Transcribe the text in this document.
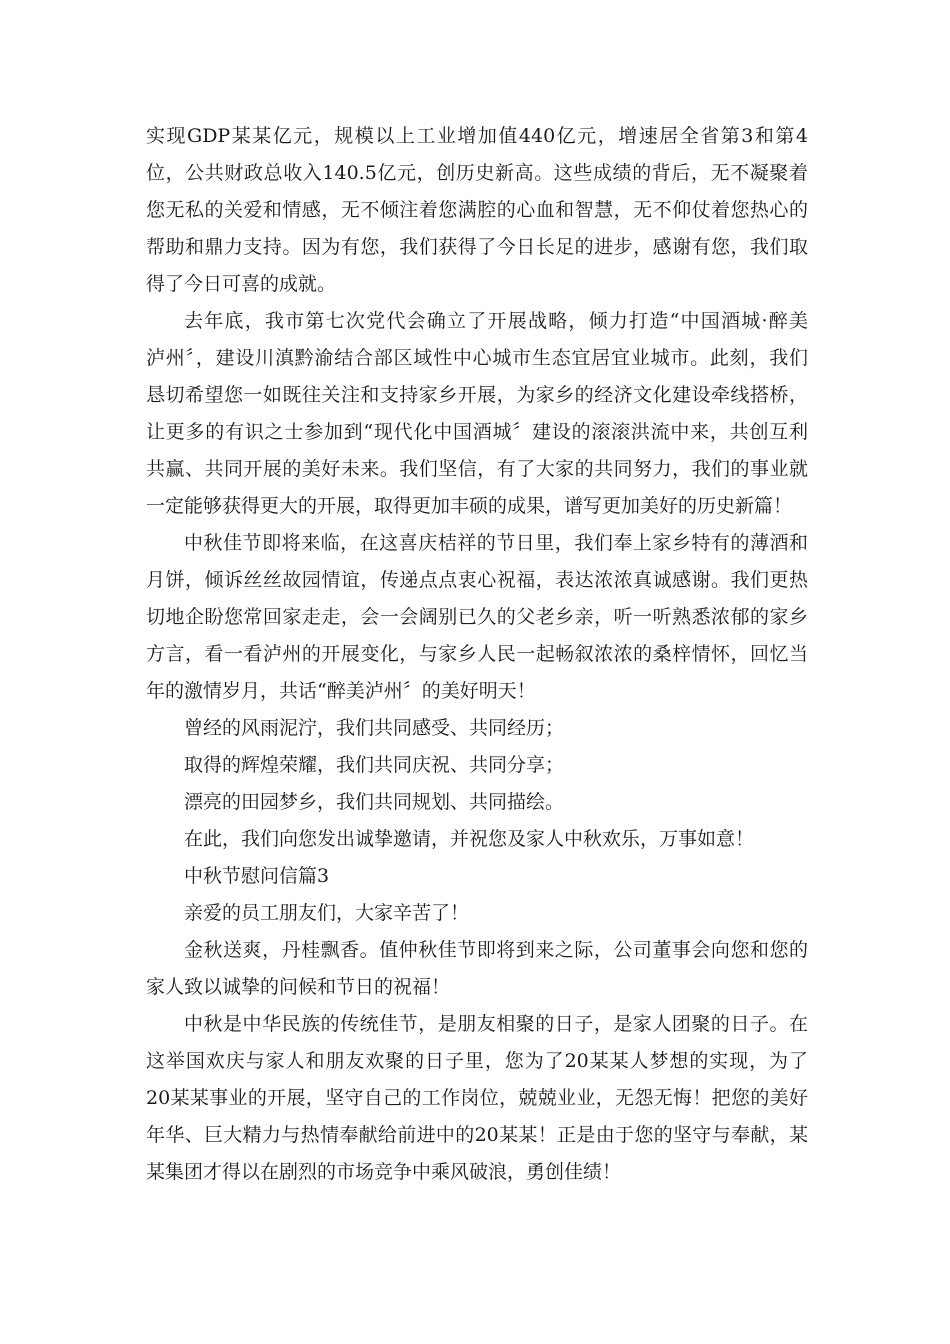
实现GDP某某亿元，规模以上工业增加值440亿元，增速居全省第3和第4
位，公共财政总收入140.5亿元，创历史新高。这些成绩的背后，无不凝聚着
您无私的关爱和情感，无不倾注着您满腔的心血和智慧，无不仰仗着您热心的
帮助和鼎力支持。因为有您，我们获得了今日长足的进步，感谢有您，我们取
得了今日可喜的成就。
去年底，我市第七次党代会确立了开展战略，倾力打造“中国酒城·醉美
泸州〞，建设川滇黔渝结合部区域性中心城市生态宜居宜业城市。此刻，我们
恳切希望您一如既往关注和支持家乡开展，为家乡的经济文化建设牵线搭桥，
让更多的有识之士参加到“现代化中国酒城〞建设的滚滚洪流中来，共创互利
共赢、共同开展的美好未来。我们坚信，有了大家的共同努力，我们的事业就
一定能够获得更大的开展，取得更加丰硕的成果，谱写更加美好的历史新篇！
中秋佳节即将来临，在这喜庆桔祥的节日里，我们奉上家乡特有的薄酒和
月饼，倾诉丝丝故园情谊，传递点点衷心祝福，表达浓浓真诚感谢。我们更热
切地企盼您常回家走走，会一会阔别已久的父老乡亲，听一听熟悉浓郁的家乡
方言，看一看泸州的开展变化，与家乡人民一起畅叙浓浓的桑梓情怀，回忆当
年的激情岁月，共话“醉美泸州〞的美好明天！
曾经的风雨泥泞，我们共同感受、共同经历；
取得的辉煌荣耀，我们共同庆祝、共同分享；
漂亮的田园梦乡，我们共同规划、共同描绘。
在此，我们向您发出诚挚邀请，并祝您及家人中秋欢乐，万事如意！
中秋节慰问信篇3
亲爱的员工朋友们，大家辛苦了！
金秋送爽，丹桂飘香。值仲秋佳节即将到来之际，公司董事会向您和您的
家人致以诚挚的问候和节日的祝福！
中秋是中华民族的传统佳节，是朋友相聚的日子，是家人团聚的日子。在
这举国欢庆与家人和朋友欢聚的日子里，您为了20某某人梦想的实现，为了
20某某事业的开展，坚守自己的工作岗位，兢兢业业，无怨无悔！把您的美好
年华、巨大精力与热情奉献给前进中的20某某！正是由于您的坚守与奉献，某
某集团才得以在剧烈的市场竞争中乘风破浪，勇创佳绩！
